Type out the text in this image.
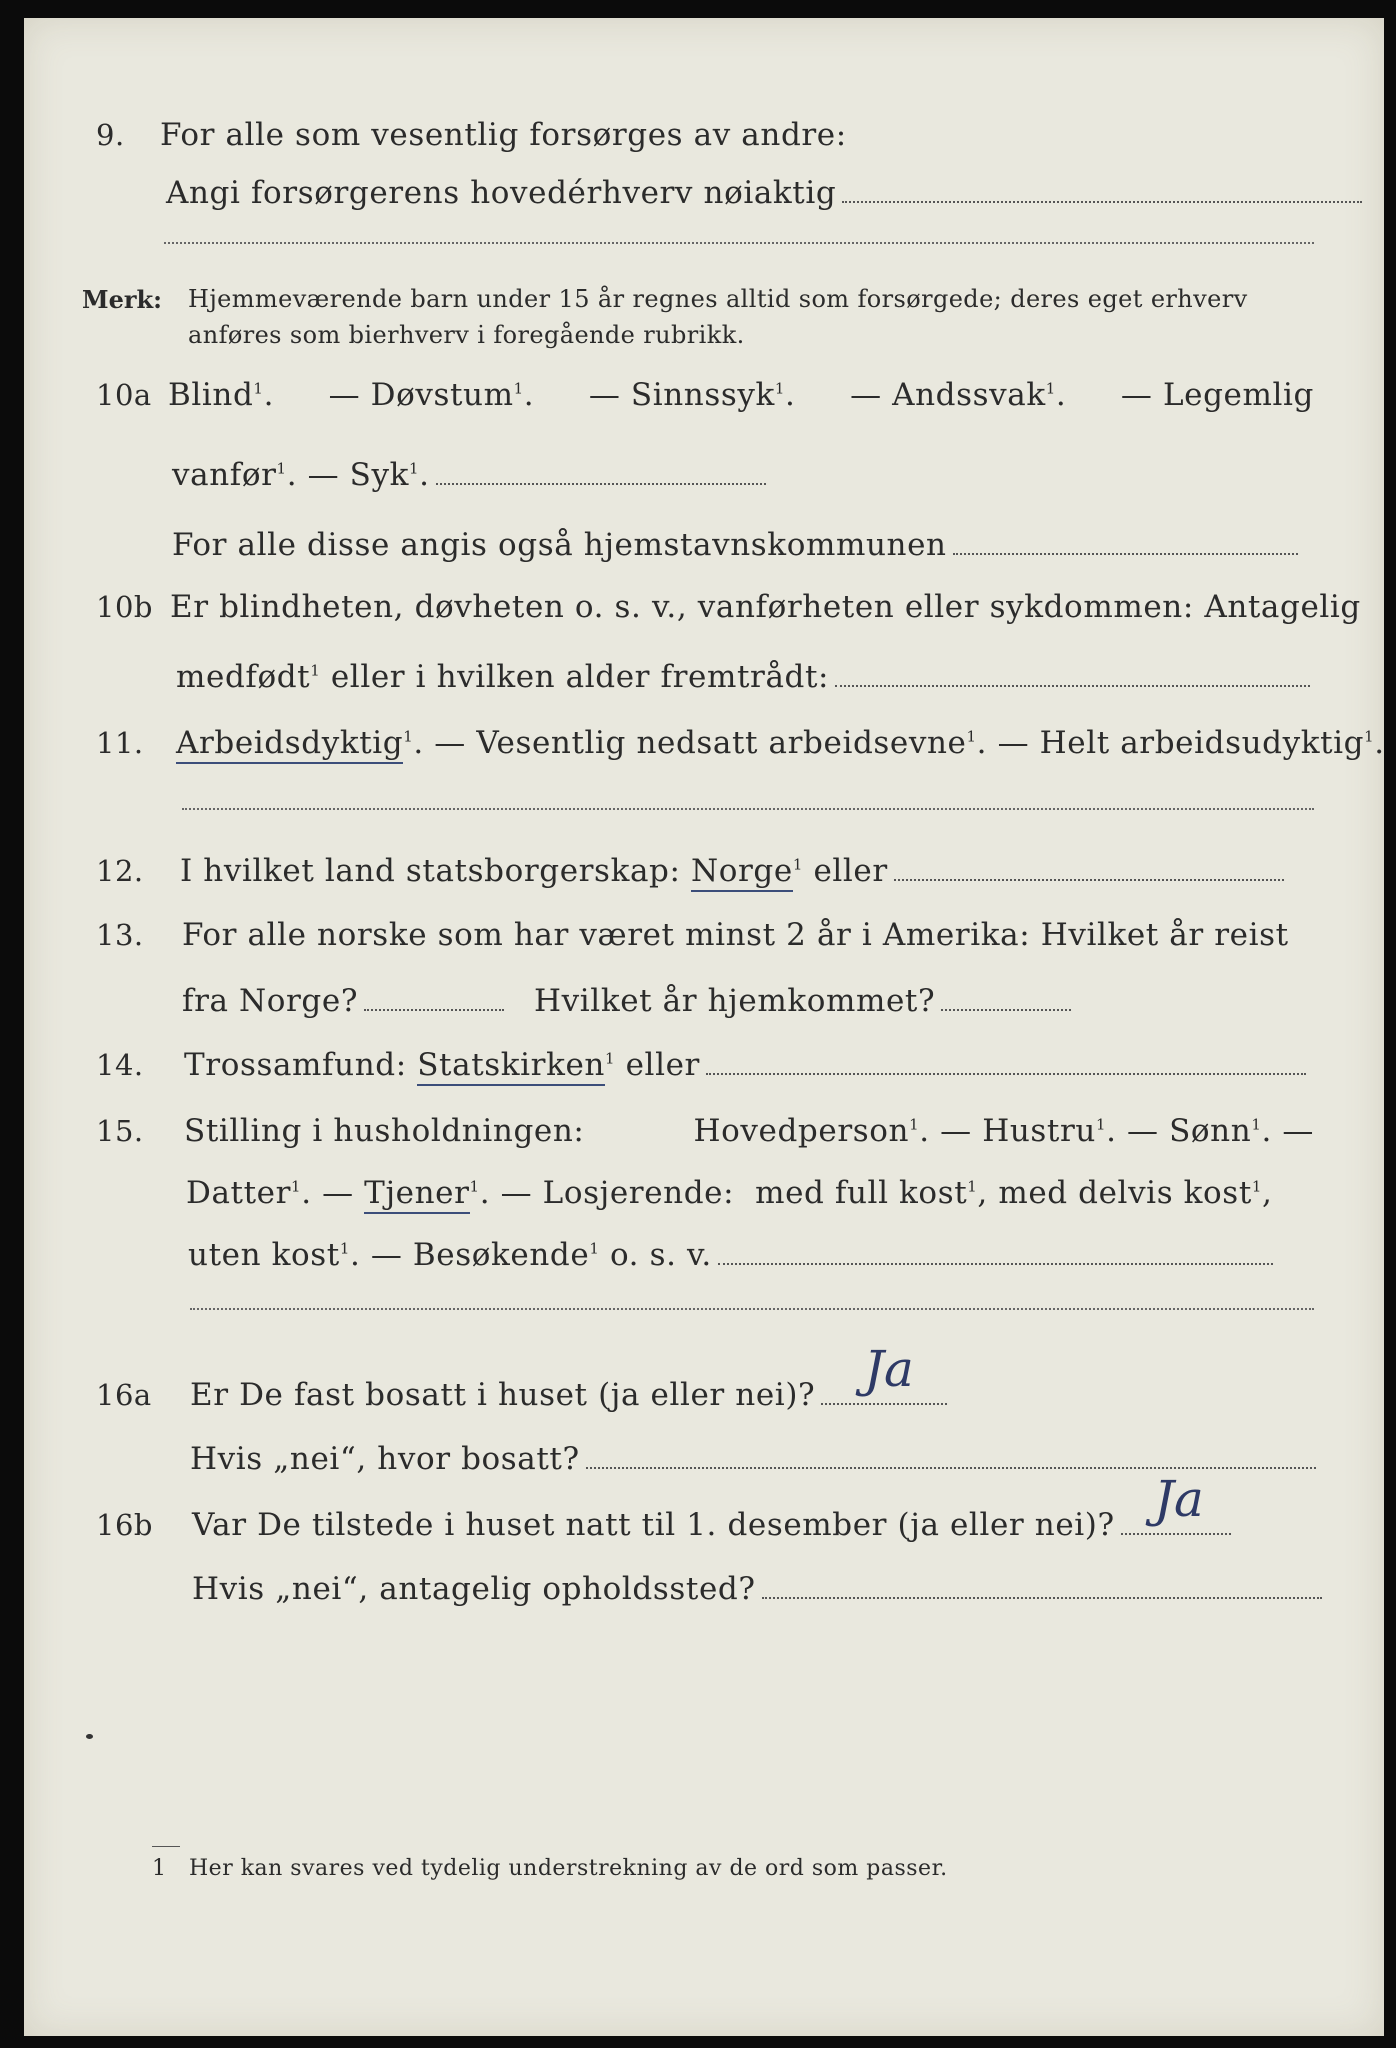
9. For alle som vesentlig forsørges av andre:
Angi forsørgerens hovedérhverv nøiaktig
Merk: Hjemmeværende barn under 15 år regnes alltid som forsørgede; deres eget erhverv
anføres som bierhverv i foregående rubrikk.
10a Blind$^1$. — Døvstum$^1$. — Sinnssyk$^1$. — Andssvak$^1$. — Legemlig
vanfør$^1$. — Syk$^1$.
For alle disse angis også hjemstavnskommunen
10b Er blindheten, døvheten o. s. v., vanførheten eller sykdommen: Antagelig
medfødt$^1$ eller i hvilken alder fremtrådt:
11. Arbeidsdyktig$^1$. — Vesentlig nedsatt arbeidsevne$^1$. — Helt arbeidsudyktig$^1$.
12. I hvilket land statsborgerskap: Norge$^1$ eller
13. For alle norske som har været minst 2 år i Amerika: Hvilket år reist
fra Norge?	Hvilket år hjemkommet?
14. Trossamfund: Statskirken$^1$ eller
15. Stilling i husholdningen:	Hovedperson$^1$. — Hustru$^1$. — Sønn$^1$. —
Datter$^1$. — Tjener$^1$. — Losjerende: med full kost$^1$, med delvis kost$^1$,
uten kost$^1$. — Besøkende$^1$ o. s. v.
16a Er De fast bosatt i huset (ja eller nei)? Ja
Hvis „nei“, hvor bosatt?
16b Var De tilstede i huset natt til 1. desember (ja eller nei)? Ja
Hvis „nei“, antagelig opholdssted?
1 Her kan svares ved tydelig understrekning av de ord som passer.
